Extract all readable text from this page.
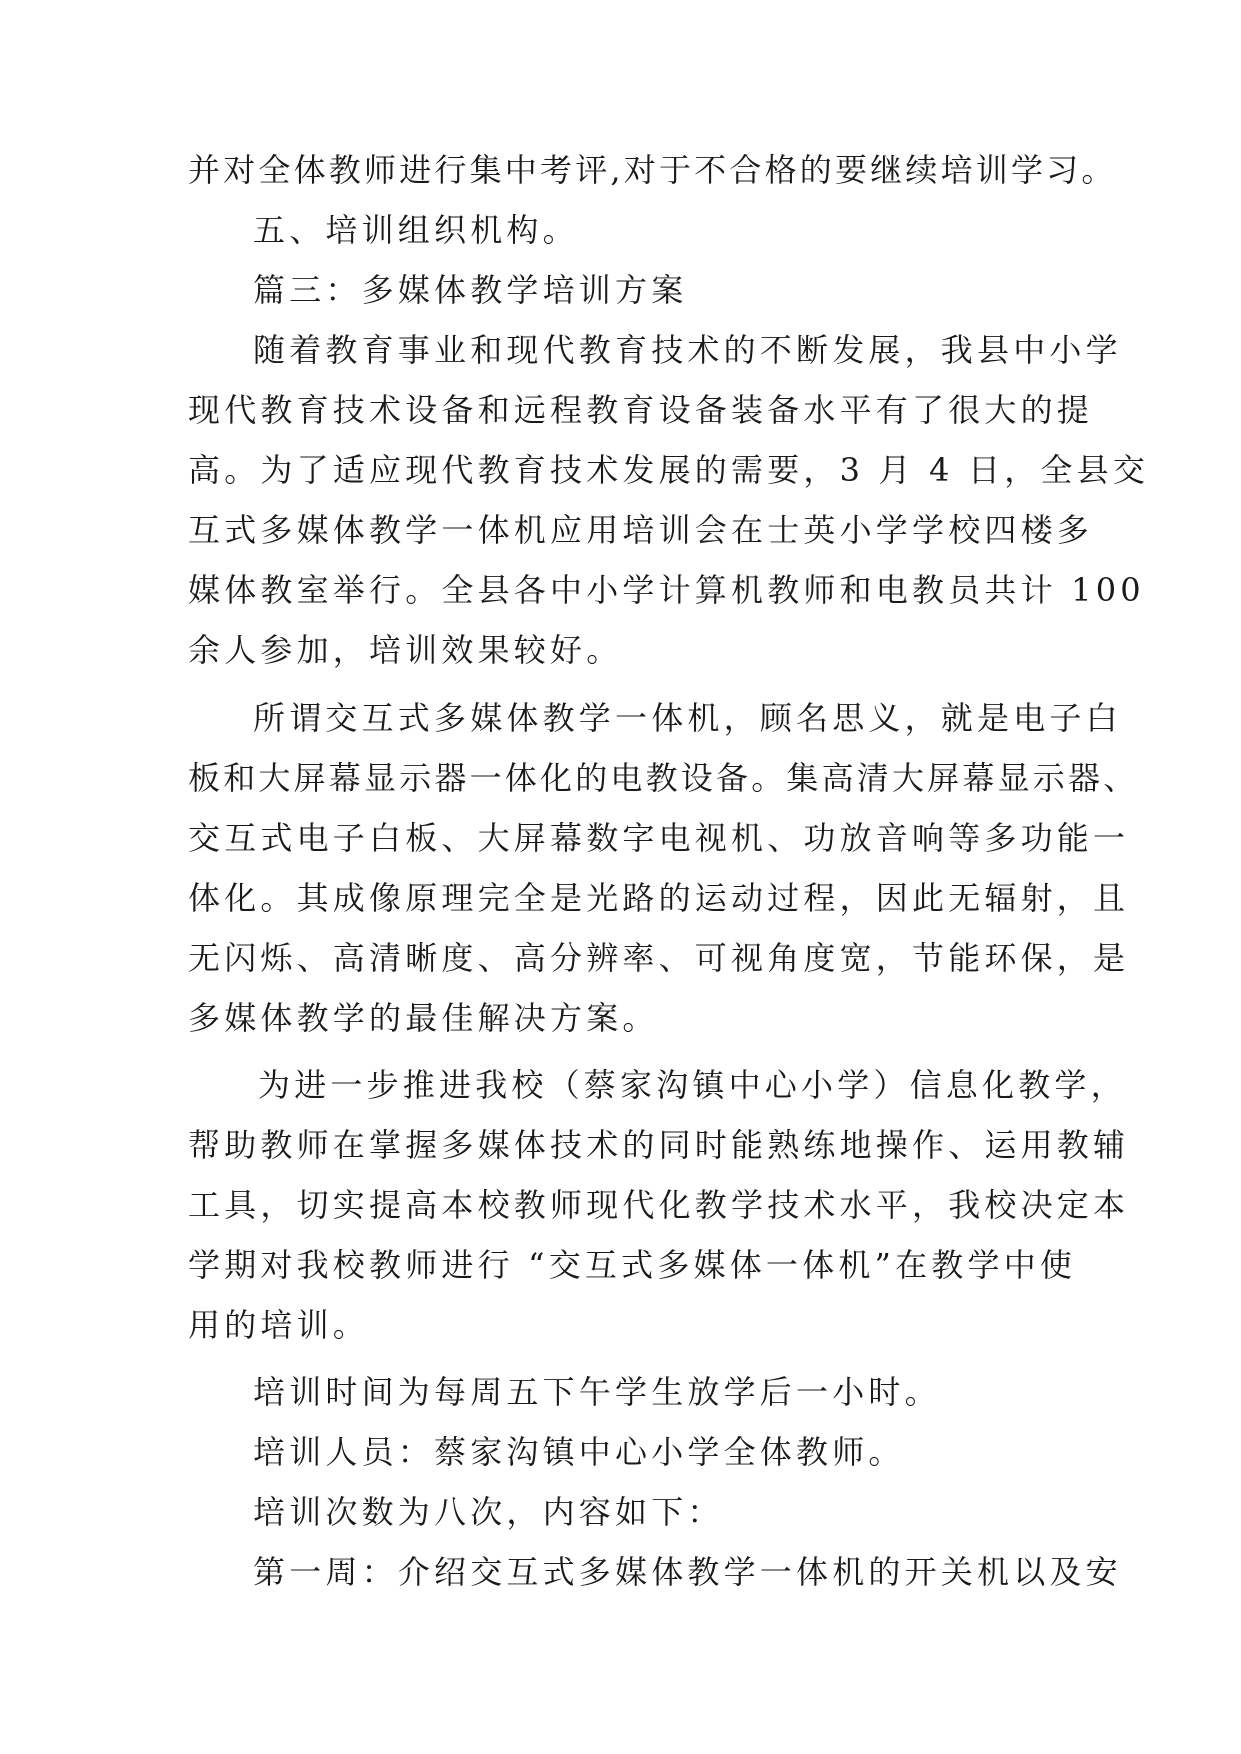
并对全体教师进行集中考评,对于不合格的要继续培训学习。
五、培训组织机构。
篇三：多媒体教学培训方案
随着教育事业和现代教育技术的不断发展，我县中小学
现代教育技术设备和远程教育设备装备水平有了很大的提
高。为了适应现代教育技术发展的需要，3 月 4 日，全县交
互式多媒体教学一体机应用培训会在士英小学学校四楼多
媒体教室举行。全县各中小学计算机教师和电教员共计 100
余人参加，培训效果较好。
所谓交互式多媒体教学一体机，顾名思义，就是电子白
板和大屏幕显示器一体化的电教设备。集高清大屏幕显示器、
交互式电子白板、大屏幕数字电视机、功放音响等多功能一
体化。其成像原理完全是光路的运动过程，因此无辐射，且
无闪烁、高清晰度、高分辨率、可视角度宽，节能环保，是
多媒体教学的最佳解决方案。
为进一步推进我校（蔡家沟镇中心小学）信息化教学，
帮助教师在掌握多媒体技术的同时能熟练地操作、运用教辅
工具，切实提高本校教师现代化教学技术水平，我校决定本
学期对我校教师进行 “交互式多媒体一体机”在教学中使
用的培训。
培训时间为每周五下午学生放学后一小时。
培训人员：蔡家沟镇中心小学全体教师。
培训次数为八次，内容如下：
第一周：介绍交互式多媒体教学一体机的开关机以及安
